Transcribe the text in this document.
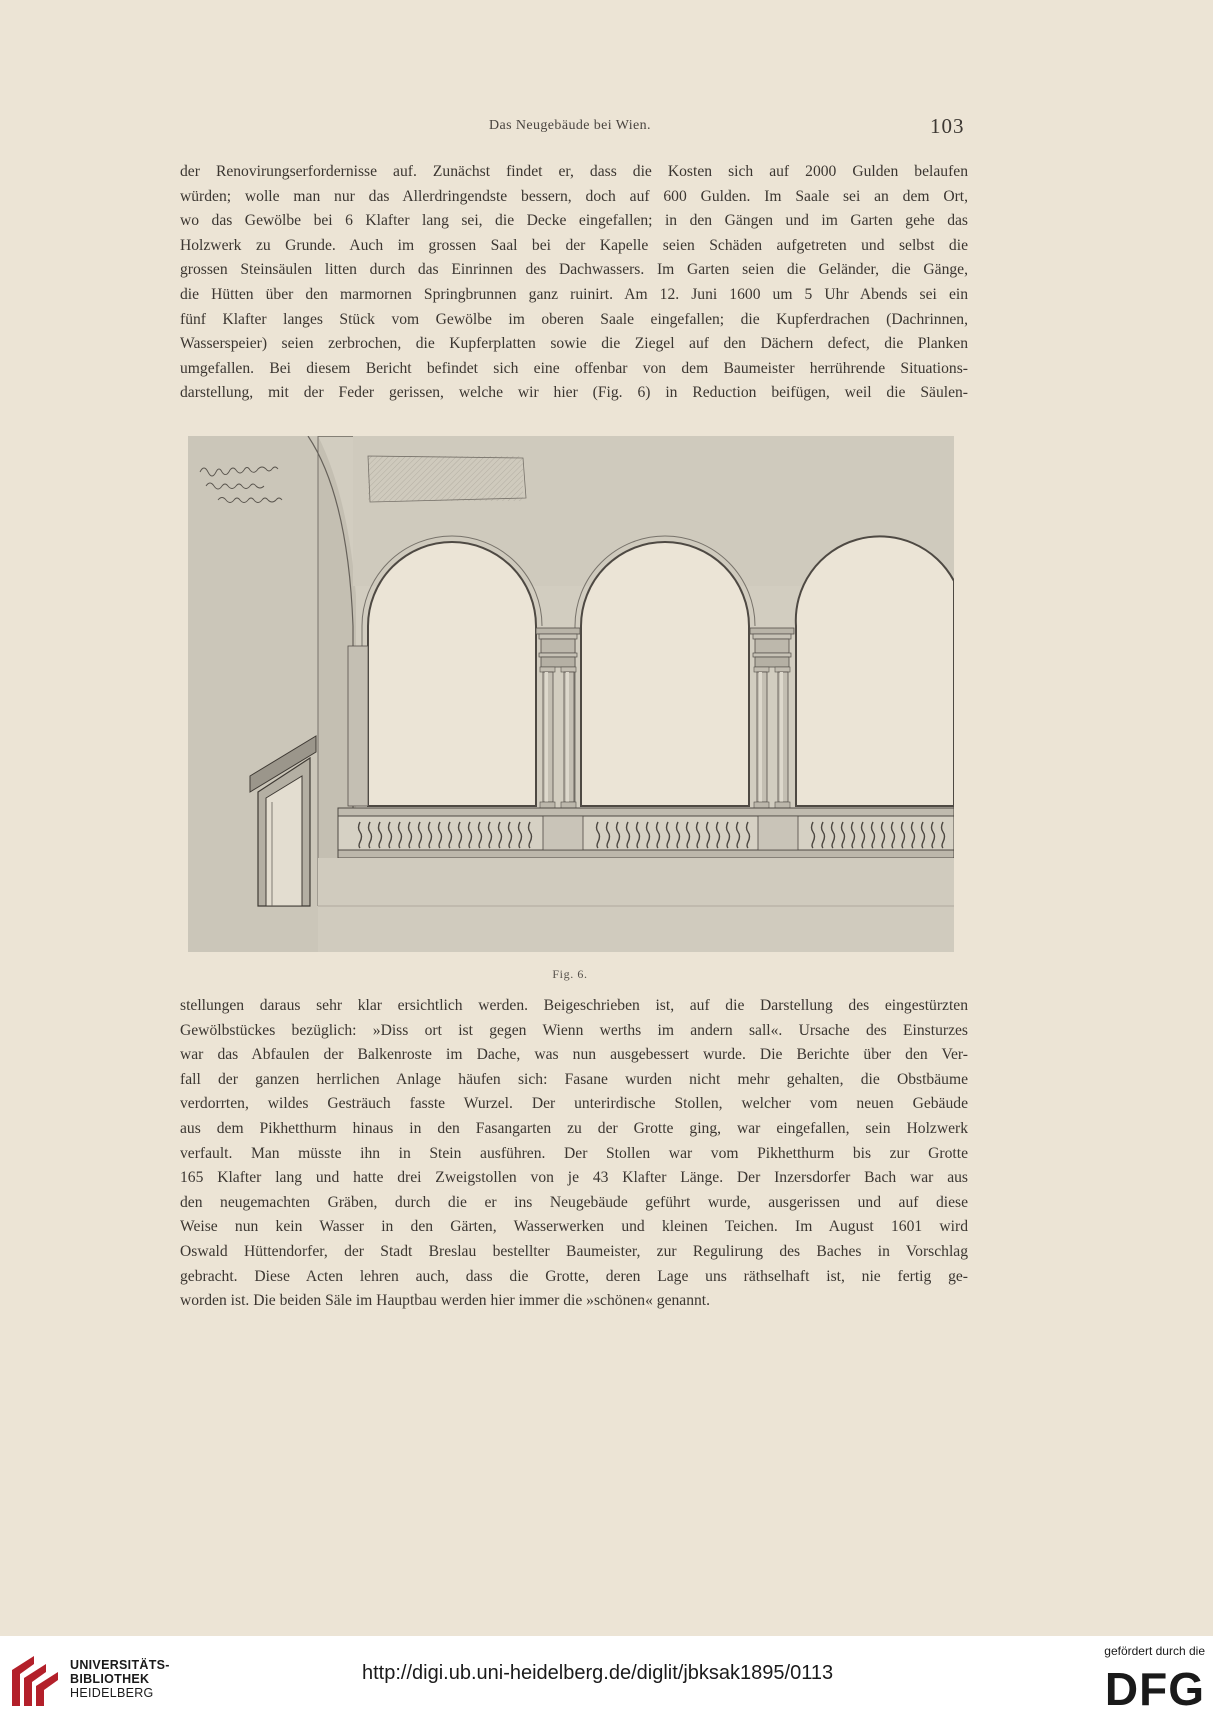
Das Neugebäude bei Wien.	103
der Renovirungserfordernisse auf. Zunächst findet er, dass die Kosten sich auf 2000 Gulden belaufen
würden; wolle man nur das Allerdringendste bessern, doch auf 600 Gulden. Im Saale sei an dem Ort,
wo das Gewölbe bei 6 Klafter lang sei, die Decke eingefallen; in den Gängen und im Garten gehe das
Holzwerk zu Grunde. Auch im grossen Saal bei der Kapelle seien Schäden aufgetreten und selbst die
grossen Steinsäulen litten durch das Einrinnen des Dachwassers. Im Garten seien die Geländer, die Gänge,
die Hütten über den marmornen Springbrunnen ganz ruinirt. Am 12. Juni 1600 um 5 Uhr Abends sei ein
fünf Klafter langes Stück vom Gewölbe im oberen Saale eingefallen; die Kupferdrachen (Dachrinnen,
Wasserspeier) seien zerbrochen, die Kupferplatten sowie die Ziegel auf den Dächern defect, die Planken
umgefallen. Bei diesem Bericht befindet sich eine offenbar von dem Baumeister herrührende Situations-
darstellung, mit der Feder gerissen, welche wir hier (Fig. 6) in Reduction beifügen, weil die Säulen-
Fig. 6.
stellungen daraus sehr klar ersichtlich werden. Beigeschrieben ist, auf die Darstellung des eingestürzten
Gewölbstückes bezüglich: »Diss ort ist gegen Wienn werths im andern sall«. Ursache des Einsturzes
war das Abfaulen der Balkenroste im Dache, was nun ausgebessert wurde. Die Berichte über den Ver-
fall der ganzen herrlichen Anlage häufen sich: Fasane wurden nicht mehr gehalten, die Obstbäume
verdorrten, wildes Gesträuch fasste Wurzel. Der unterirdische Stollen, welcher vom neuen Gebäude
aus dem Pikhetthurm hinaus in den Fasangarten zu der Grotte ging, war eingefallen, sein Holzwerk
verfault. Man müsste ihn in Stein ausführen. Der Stollen war vom Pikhetthurm bis zur Grotte
165 Klafter lang und hatte drei Zweigstollen von je 43 Klafter Länge. Der Inzersdorfer Bach war aus
den neugemachten Gräben, durch die er ins Neugebäude geführt wurde, ausgerissen und auf diese
Weise nun kein Wasser in den Gärten, Wasserwerken und kleinen Teichen. Im August 1601 wird
Oswald Hüttendorfer, der Stadt Breslau bestellter Baumeister, zur Regulirung des Baches in Vorschlag
gebracht. Diese Acten lehren auch, dass die Grotte, deren Lage uns räthselhaft ist, nie fertig ge-
worden ist. Die beiden Säle im Hauptbau werden hier immer die »schönen« genannt.
UNIVERSITÄTS-
BIBLIOTHEK
HEIDELBERG
http://digi.ub.uni-heidelberg.de/diglit/jbksak1895/0113
gefördert durch die
DFG
